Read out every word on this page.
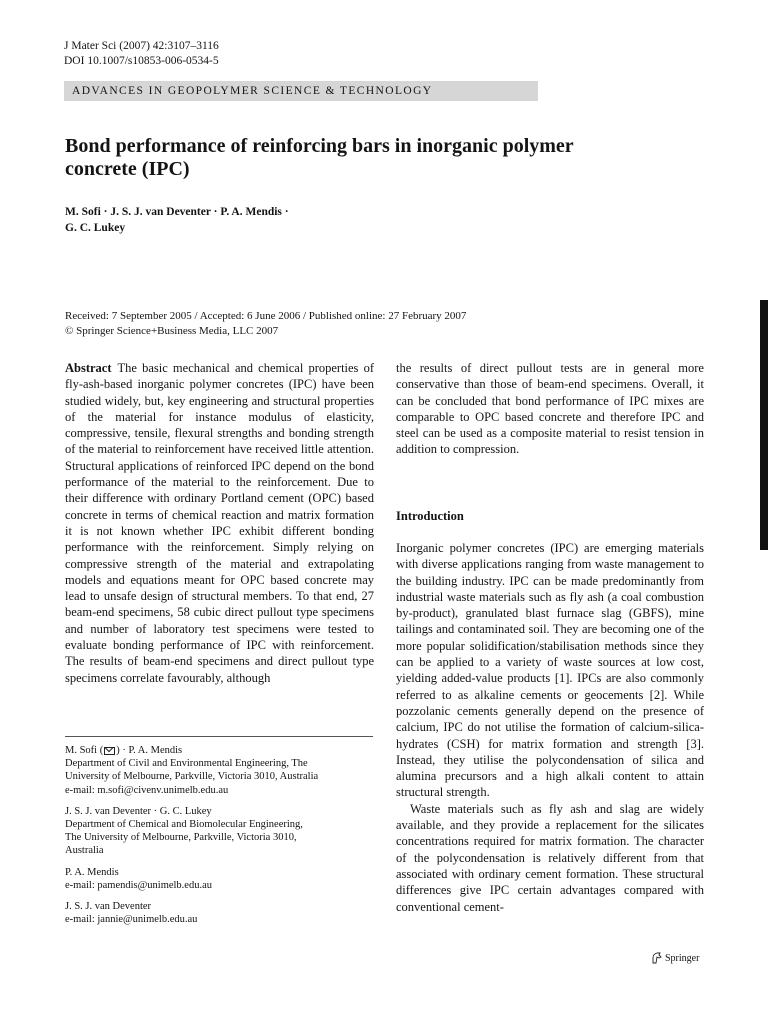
J Mater Sci (2007) 42:3107–3116
DOI 10.1007/s10853-006-0534-5
ADVANCES IN GEOPOLYMER SCIENCE & TECHNOLOGY
Bond performance of reinforcing bars in inorganic polymer
concrete (IPC)
M. Sofi · J. S. J. van Deventer · P. A. Mendis ·
G. C. Lukey
Received: 7 September 2005 / Accepted: 6 June 2006 / Published online: 27 February 2007
© Springer Science+Business Media, LLC 2007

Abstract The basic mechanical and chemical properties of fly-ash-based inorganic polymer concretes (IPC) have been studied widely, but, key engineering and structural properties of the material for instance modulus of elasticity, compressive, tensile, flexural strengths and bonding strength of the material to reinforcement have received little attention. Structural applications of reinforced IPC depend on the bond performance of the material to the reinforcement. Due to their difference with ordinary Portland cement (OPC) based concrete in terms of chemical reaction and matrix formation it is not known whether IPC exhibit different bonding performance with the reinforcement. Simply relying on compressive strength of the material and extrapolating models and equations meant for OPC based concrete may lead to unsafe design of structural members. To that end, 27 beam-end specimens, 58 cubic direct pullout type specimens and number of laboratory test specimens were tested to evaluate bonding performance of IPC with reinforcement. The results of beam-end specimens and direct pullout type specimens correlate favourably, although

the results of direct pullout tests are in general more conservative than those of beam-end specimens. Overall, it can be concluded that bond performance of IPC mixes are comparable to OPC based concrete and therefore IPC and steel can be used as a composite material to resist tension in addition to compression.

Introduction

Inorganic polymer concretes (IPC) are emerging materials with diverse applications ranging from waste management to the building industry. IPC can be made predominantly from industrial waste materials such as fly ash (a coal combustion by-product), granulated blast furnace slag (GBFS), mine tailings and contaminated soil. They are becoming one of the more popular solidification/stabilisation methods since they can be applied to a variety of waste sources at low cost, yielding added-value products [1]. IPCs are also commonly referred to as alkaline cements or geocements [2]. While pozzolanic cements generally depend on the presence of calcium, IPC do not utilise the formation of calcium-silica-hydrates (CSH) for matrix formation and strength [3]. Instead, they utilise the polycondensation of silica and alumina precursors and a high alkali content to attain structural strength.

Waste materials such as fly ash and slag are widely available, and they provide a replacement for the silicates concentrations required for matrix formation. The character of the polycondensation is relatively different from that associated with ordinary cement formation. These structural differences give IPC certain advantages compared with conventional cement-

M. Sofi ( ) · P. A. Mendis
Department of Civil and Environmental Engineering, The
University of Melbourne, Parkville, Victoria 3010, Australia
e-mail: m.sofi@civenv.unimelb.edu.au
J. S. J. van Deventer · G. C. Lukey
Department of Chemical and Biomolecular Engineering,
The University of Melbourne, Parkville, Victoria 3010,
Australia
P. A. Mendis
e-mail: pamendis@unimelb.edu.au
J. S. J. van Deventer
e-mail: jannie@unimelb.edu.au
Springer
